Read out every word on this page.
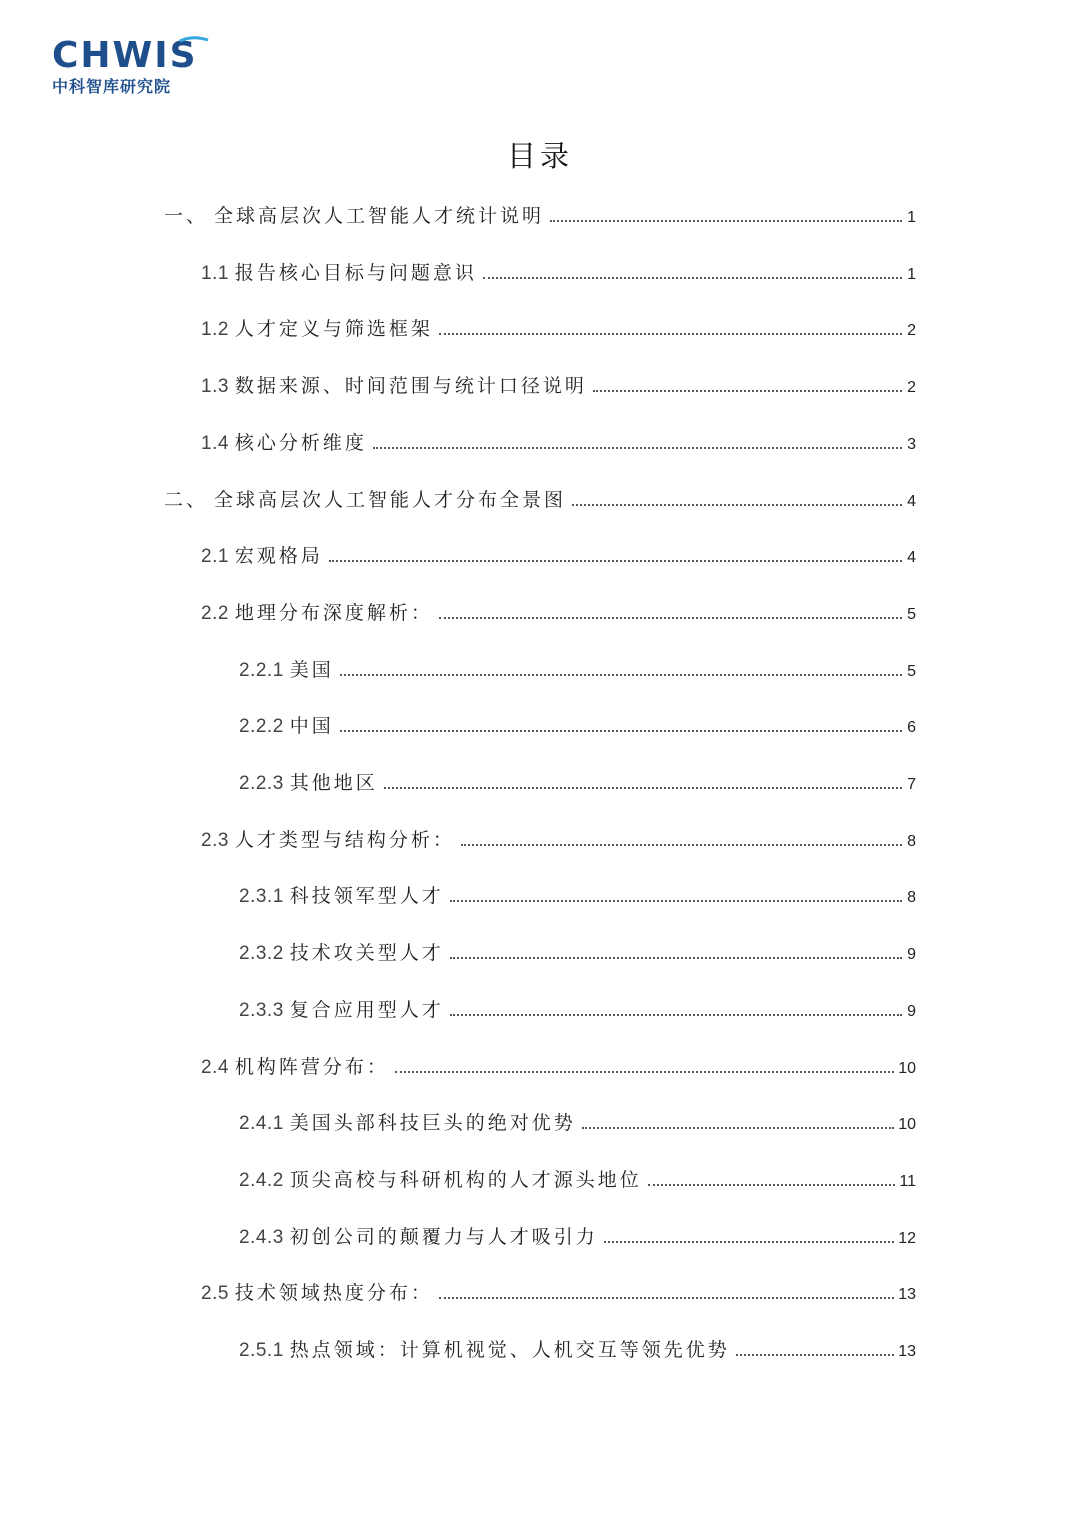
CHWIS
中科智库研究院
目录
一、 全球高层次人工智能人才统计说明	1
1.1 报告核心目标与问题意识	1
1.2 人才定义与筛选框架	2
1.3 数据来源、时间范围与统计口径说明	2
1.4 核心分析维度	3
二、 全球高层次人工智能人才分布全景图	4
2.1 宏观格局	4
2.2 地理分布深度解析：	5
2.2.1 美国	5
2.2.2 中国	6
2.2.3 其他地区	7
2.3 人才类型与结构分析：	8
2.3.1 科技领军型人才	8
2.3.2 技术攻关型人才	9
2.3.3 复合应用型人才	9
2.4 机构阵营分布：	10
2.4.1 美国头部科技巨头的绝对优势	10
2.4.2 顶尖高校与科研机构的人才源头地位	11
2.4.3 初创公司的颠覆力与人才吸引力	12
2.5 技术领域热度分布：	13
2.5.1 热点领域：计算机视觉、人机交互等领先优势	13
